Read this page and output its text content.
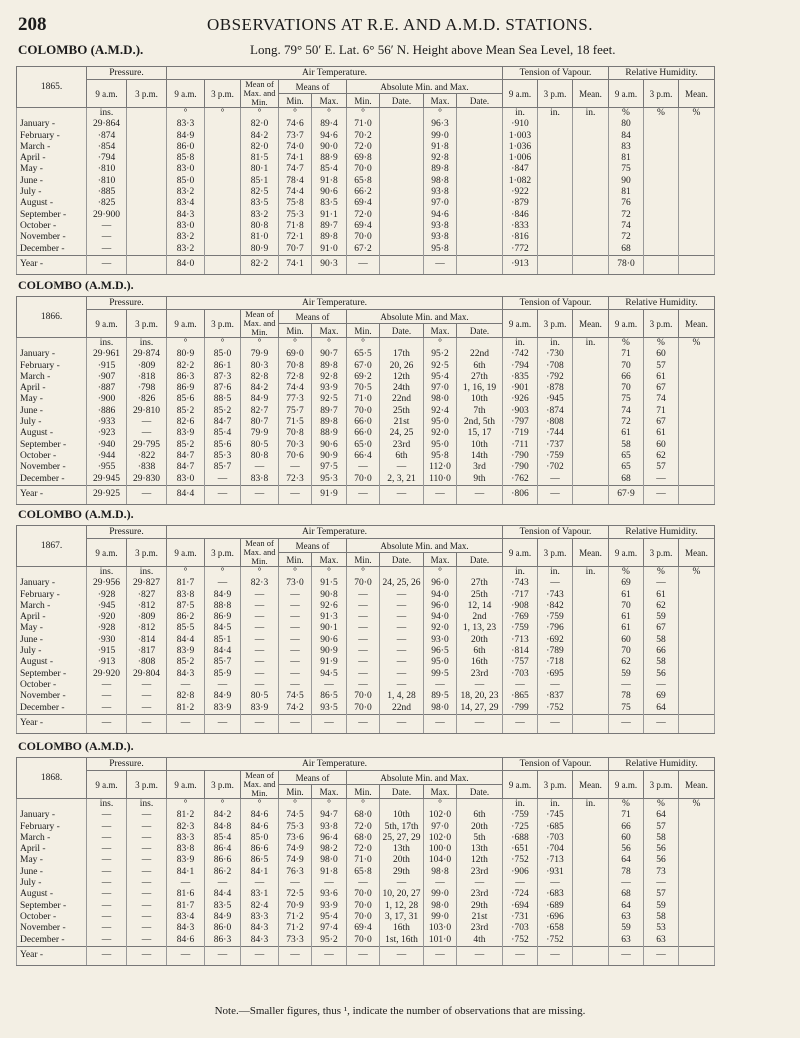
208	OBSERVATIONS AT R.E. AND A.M.D. STATIONS.
COLOMBO (A.M.D.).	Long. 79° 50′ E. Lat. 6° 56′ N. Height above Mean Sea Level, 18 feet.
1865.	Pressure.		Air Temperature.									Tension of Vapour.			Relative Humidity.		
	9 a.m.	3 p.m.	9 a.m.	3 p.m.	Mean of Max. and Min.	Means of		Absolute Min. and Max.				9 a.m.	3 p.m.	Mean.	9 a.m.	3 p.m.	Mean.
						Min.	Max.	Min.	Date.	Max.	Date.						
	ins.		°	°	°	°	°	°		°		in.	in.	in.	%	%	%
January -	29·864		83·3		82·0	74·6	89·4	71·0		96·3		·910			80		
February -	·874		84·9		84·2	73·7	94·6	70·2		99·0		1·003			84		
March -	·854		86·0		82·0	74·0	90·0	72·0		91·8		1·036			83		
April -	·794		85·8		81·5	74·1	88·9	69·8		92·8		1·006			81		
May -	·810		83·0		80·1	74·7	85·4	70·0		89·8		·847			75		
June -	·810		85·0		85·1	78·4	91·8	65·8		98·8		1·082			90		
July -	·885		83·2		82·5	74·4	90·6	66·2		93·8		·922			81		
August -	·825		83·4		83·5	75·8	83·5	69·4		97·0		·879			76		
September -	29·900		84·3		83·2	75·3	91·1	72·0		94·6		·846			72		
October -	—		83·0		80·8	71·8	89·7	69·4		93·8		·833			74		
November -	—		83·2		81·0	72·1	89·8	70·0		93·8		·816			72		
December -	—		83·2		80·9	70·7	91·0	67·2		95·8		·772			68		
Year -	—		84·0		82·2	74·1	90·3	—		—		·913			78·0		
COLOMBO (A.M.D.).
1866.	Pressure.		Air Temperature.									Tension of Vapour.			Relative Humidity.		
	9 a.m.	3 p.m.	9 a.m.	3 p.m.	Mean of Max. and Min.	Means of		Absolute Min. and Max.				9 a.m.	3 p.m.	Mean.	9 a.m.	3 p.m.	Mean.
						Min.	Max.	Min.	Date.	Max.	Date.						
	ins.	ins.	°	°	°	°	°	°		°		in.	in.	in.	%	%	%
January -	29·961	29·874	80·9	85·0	79·9	69·0	90·7	65·5	17th	95·2	22nd	·742	·730		71	60	
February -	·915	·809	82·2	86·1	80·3	70·8	89·8	67·0	20, 26	92·5	6th	·794	·708		70	57	
March -	·907	·818	86·3	87·3	82·8	72·8	92·8	69·2	12th	95·4	27th	·835	·792		66	61	
April -	·887	·798	86·9	87·6	84·2	74·4	93·9	70·5	24th	97·0	1, 16, 19	·901	·878		70	67	
May -	·900	·826	85·6	88·5	84·9	77·3	92·5	71·0	22nd	98·0	10th	·926	·945		75	74	
June -	·886	29·810	85·2	85·2	82·7	75·7	89·7	70·0	25th	92·4	7th	·903	·874		74	71	
July -	·933	—	82·6	84·7	80·7	71·5	89·8	66·0	21st	95·0	2nd, 5th	·797	·808		72	67	
August -	·923	—	83·9	85·4	79·9	70·8	88·9	66·0	24, 25	92·0	15, 17	·719	·744		61	61	
September -	·940	29·795	85·2	85·6	80·5	70·3	90·6	65·0	23rd	95·0	10th	·711	·737		58	60	
October -	·944	·822	84·7	85·3	80·8	70·6	90·9	66·4	6th	95·8	14th	·790	·759		65	62	
November -	·955	·838	84·7	85·7	—	—	97·5	—	—	112·0	3rd	·790	·702		65	57	
December -	29·945	29·830	83·0	—	83·8	72·3	95·3	70·0	2, 3, 21	110·0	9th	·762	—		68	—	
Year -	29·925	—	84·4	—	—	—	91·9	—	—	—	—	·806	—		67·9	—	
COLOMBO (A.M.D.).
1867.	Pressure.		Air Temperature.									Tension of Vapour.			Relative Humidity.		
	9 a.m.	3 p.m.	9 a.m.	3 p.m.	Mean of Max. and Min.	Means of		Absolute Min. and Max.				9 a.m.	3 p.m.	Mean.	9 a.m.	3 p.m.	Mean.
						Min.	Max.	Min.	Date.	Max.	Date.						
	ins.	ins.	°	°	°	°	°	°		°		in.	in.	in.	%	%	%
January -	29·956	29·827	81·7	—	82·3	73·0	91·5	70·0	24, 25, 26	96·0	27th	·743	—		69	—	
February -	·928	·827	83·8	84·9	—	—	90·8	—	—	94·0	25th	·717	·743		61	61	
March -	·945	·812	87·5	88·8	—	—	92·6	—	—	96·0	12, 14	·908	·842		70	62	
April -	·920	·809	86·2	86·9	—	—	91·3	—	—	94·0	2nd	·769	·759		61	59	
May -	·928	·812	85·5	84·5	—	—	90·1	—	—	92·0	1, 13, 23	·759	·796		61	67	
June -	·930	·814	84·4	85·1	—	—	90·6	—	—	93·0	20th	·713	·692		60	58	
July -	·915	·817	83·9	84·4	—	—	90·9	—	—	96·5	6th	·814	·789		70	66	
August -	·913	·808	85·2	85·7	—	—	91·9	—	—	95·0	16th	·757	·718		62	58	
September -	29·920	29·804	84·3	85·9	—	—	94·5	—	—	99·5	23rd	·703	·695		59	56	
October -	—	—	—	—	—	—	—	—	—	—	—	—	—		—	—	
November -	—	—	82·8	84·9	80·5	74·5	86·5	70·0	1, 4, 28	89·5	18, 20, 23	·865	·837		78	69	
December -	—	—	81·2	83·9	83·9	74·2	93·5	70·0	22nd	98·0	14, 27, 29	·799	·752		75	64	
Year -	—	—	—	—	—	—	—	—	—	—	—	—	—		—	—	
COLOMBO (A.M.D.).
1868.	Pressure.		Air Temperature.									Tension of Vapour.			Relative Humidity.		
	9 a.m.	3 p.m.	9 a.m.	3 p.m.	Mean of Max. and Min.	Means of		Absolute Min. and Max.				9 a.m.	3 p.m.	Mean.	9 a.m.	3 p.m.	Mean.
						Min.	Max.	Min.	Date.	Max.	Date.						
	ins.	ins.	°	°	°	°	°	°		°		in.	in.	in.	%	%	%
January -	—	—	81·2	84·2	84·6	74·5	94·7	68·0	10th	102·0	6th	·759	·745		71	64	
February -	—	—	82·3	84·8	84·6	75·3	93·8	72·0	5th, 17th	97·0	20th	·725	·685		66	57	
March -	—	—	83·3	85·4	85·0	73·6	96·4	68·0	25, 27, 29	102·0	5th	·688	·703		60	58	
April -	—	—	83·8	86·4	86·6	74·9	98·2	72·0	13th	100·0	13th	·651	·704		56	56	
May -	—	—	83·9	86·6	86·5	74·9	98·0	71·0	20th	104·0	12th	·752	·713		64	56	
June -	—	—	84·1	86·2	84·1	76·3	91·8	65·8	29th	98·8	23rd	·906	·931		78	73	
July -	—	—	—	—	—	—	—	—	—	—	—	—	—		—	—	
August -	—	—	81·6	84·4	83·1	72·5	93·6	70·0	10, 20, 27	99·0	23rd	·724	·683		68	57	
September -	—	—	81·7	83·5	82·4	70·9	93·9	70·0	1, 12, 28	98·0	29th	·694	·689		64	59	
October -	—	—	83·4	84·9	83·3	71·2	95·4	70·0	3, 17, 31	99·0	21st	·731	·696		63	58	
November -	—	—	84·3	86·0	84·3	71·2	97·4	69·4	16th	103·0	23rd	·703	·658		59	53	
December -	—	—	84·6	86·3	84·3	73·3	95·2	70·0	1st, 16th	101·0	4th	·752	·752		63	63	
Year -	—	—	—	—	—	—	—	—	—	—	—	—	—		—	—	
Note.—Smaller figures, thus ¹, indicate the number of observations that are missing.
